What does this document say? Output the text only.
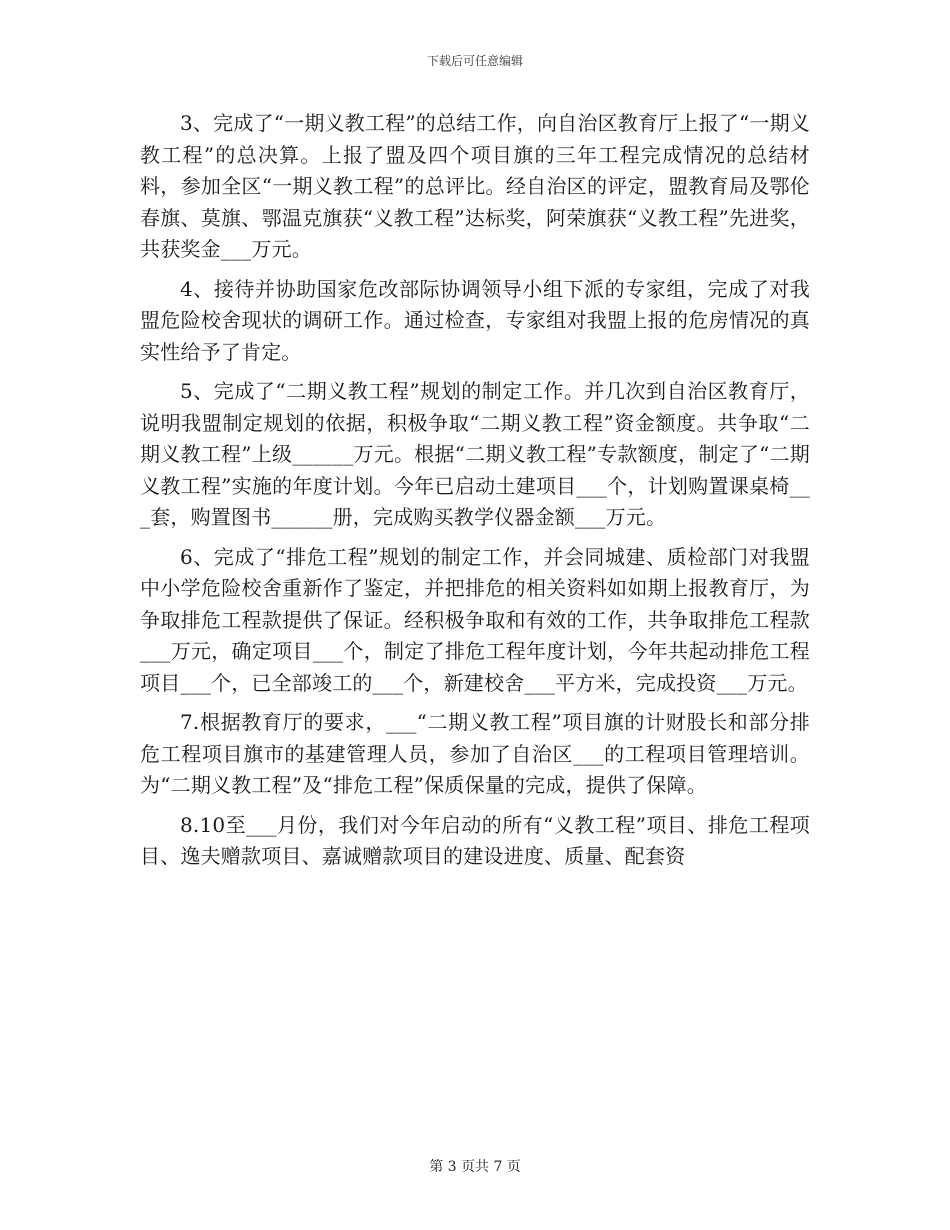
下载后可任意编辑

3、完成了“一期义教工程”的总结工作，向自治区教育厅上报了“一期义教工程”的总决算。上报了盟及四个项目旗的三年工程完成情况的总结材料，参加全区“一期义教工程”的总评比。经自治区的评定，盟教育局及鄂伦春旗、莫旗、鄂温克旗获“义教工程”达标奖，阿荣旗获“义教工程”先进奖，共获奖金___万元。

4、接待并协助国家危改部际协调领导小组下派的专家组，完成了对我盟危险校舍现状的调研工作。通过检查，专家组对我盟上报的危房情况的真实性给予了肯定。

5、完成了“二期义教工程”规划的制定工作。并几次到自治区教育厅，说明我盟制定规划的依据，积极争取“二期义教工程”资金额度。共争取“二期义教工程”上级______万元。根据“二期义教工程”专款额度，制定了“二期义教工程”实施的年度计划。今年已启动土建项目___个，计划购置课桌椅___套，购置图书______册，完成购买教学仪器金额___万元。

6、完成了“排危工程”规划的制定工作，并会同城建、质检部门对我盟中小学危险校舍重新作了鉴定，并把排危的相关资料如如期上报教育厅，为争取排危工程款提供了保证。经积极争取和有效的工作，共争取排危工程款___万元，确定项目___个，制定了排危工程年度计划，今年共起动排危工程项目___个，已全部竣工的___个，新建校舍___平方米，完成投资___万元。

7.根据教育厅的要求，___“二期义教工程”项目旗的计财股长和部分排危工程项目旗市的基建管理人员，参加了自治区___的工程项目管理培训。为“二期义教工程”及“排危工程”保质保量的完成，提供了保障。

8.10至___月份，我们对今年启动的所有“义教工程”项目、排危工程项目、逸夫赠款项目、嘉诚赠款项目的建设进度、质量、配套资

第 3 页共 7 页
